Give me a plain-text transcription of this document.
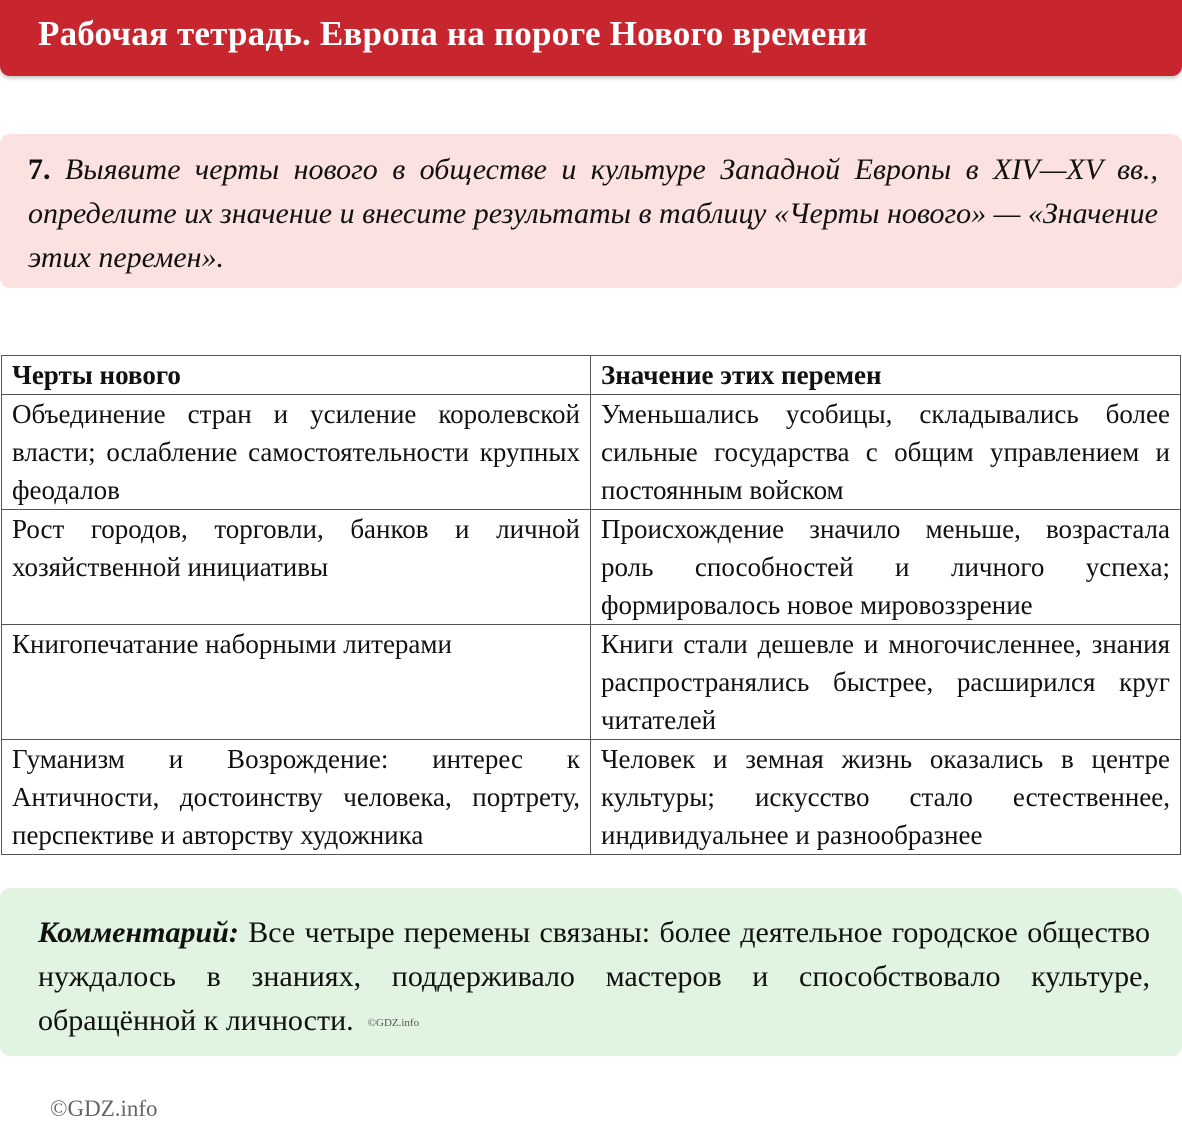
Рабочая тетрадь. Европа на пороге Нового времени
7. Выявите черты нового в обществе и культуре Западной Европы в XIV—XV вв., определите их значение и внесите результаты в таблицу «Черты нового» — «Значение этих перемен».
Черты нового	Значение этих перемен
Объединение стран и усиление королевской власти; ослабление самостоятельности крупных феодалов	Уменьшались усобицы, складывались более сильные государства с общим управлением и постоянным войском
Рост городов, торговли, банков и личной хозяйственной инициативы	Происхождение значило меньше, возрастала роль способностей и личного успеха; формировалось новое мировоззрение
Книгопечатание наборными литерами	Книги стали дешевле и многочисленнее, знания распространялись быстрее, расширился круг читателей
Гуманизм и Возрождение: интерес к Античности, достоинству человека, портрету, перспективе и авторству художника	Человек и земная жизнь оказались в центре культуры; искусство стало естественнее, индивидуальнее и разнообразнее
Комментарий: Все четыре перемены связаны: более деятельное городское общество нуждалось в знаниях, поддерживало мастеров и способствовало культуре, обращённой к личности. ©GDZ.info
©GDZ.info
